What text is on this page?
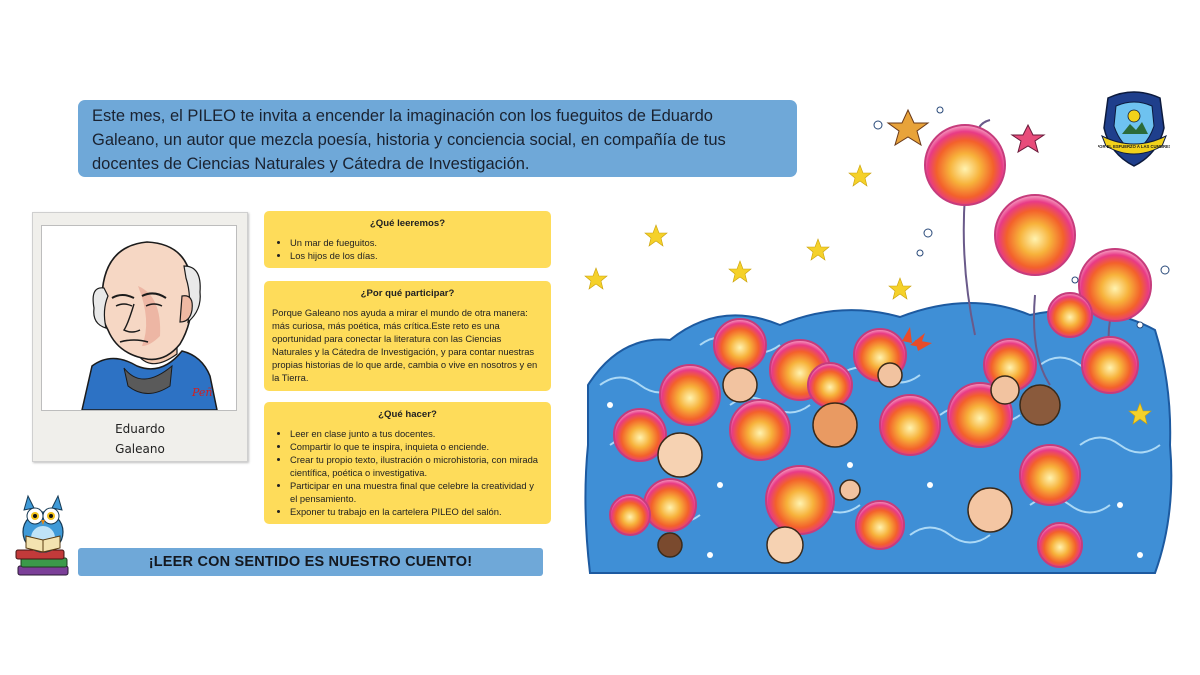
Este mes, el PILEO te invita a encender la imaginación con los fueguitos de Eduardo Galeano, un autor que mezcla poesía, historia y conciencia social, en compañía de tus docentes de Ciencias Naturales y Cátedra de Investigación.
Peñ
Eduardo
Galeano
¿Qué leeremos?
• Un mar de fueguitos.
• Los hijos de los días.
¿Por qué participar?

Porque Galeano nos ayuda a mirar el mundo de otra manera: más curiosa, más poética, más crítica.Este reto es una oportunidad para conectar la literatura con las Ciencias Naturales y la Cátedra de Investigación, y para contar nuestras propias historias de lo que arde, cambia o vive en nosotros y en la Tierra.

¿Qué hacer?
• Leer en clase junto a tus docentes.
• Compartir lo que te inspira, inquieta o enciende.
• Crear tu propio texto, ilustración o microhistoria, con mirada científica, poética o investigativa.
• Participar en una muestra final que celebre la creatividad y el pensamiento.
• Exponer tu trabajo en la cartelera PILEO del salón.
¡LEER CON SENTIDO ES NUESTRO CUENTO!
POR EL ESFUERZO A LAS CUMBRES
